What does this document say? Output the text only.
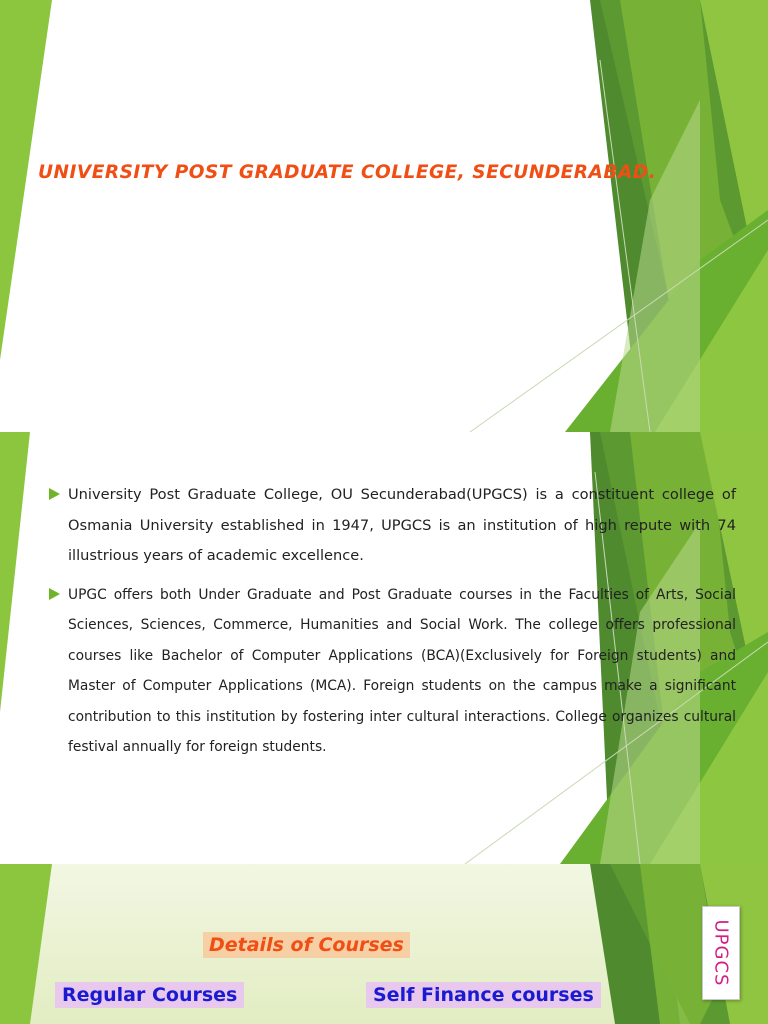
UNIVERSITY POST GRADUATE COLLEGE, SECUNDERABAD.
University Post Graduate College, OU Secunderabad(UPGCS) is a constituent college of Osmania University established in 1947, UPGCS is an institution of high repute with 74 illustrious years of academic excellence.
UPGC offers both Under Graduate and Post Graduate courses in the Faculties of Arts, Social Sciences, Sciences, Commerce, Humanities and Social Work. The college offers professional courses like Bachelor of Computer Applications (BCA)(Exclusively for Foreign students) and Master of Computer Applications (MCA). Foreign students on the campus make a significant contribution to this institution by fostering inter cultural interactions. College organizes cultural festival annually for foreign students.
Details of Courses
Regular Courses	Self Finance courses
UPGCS
